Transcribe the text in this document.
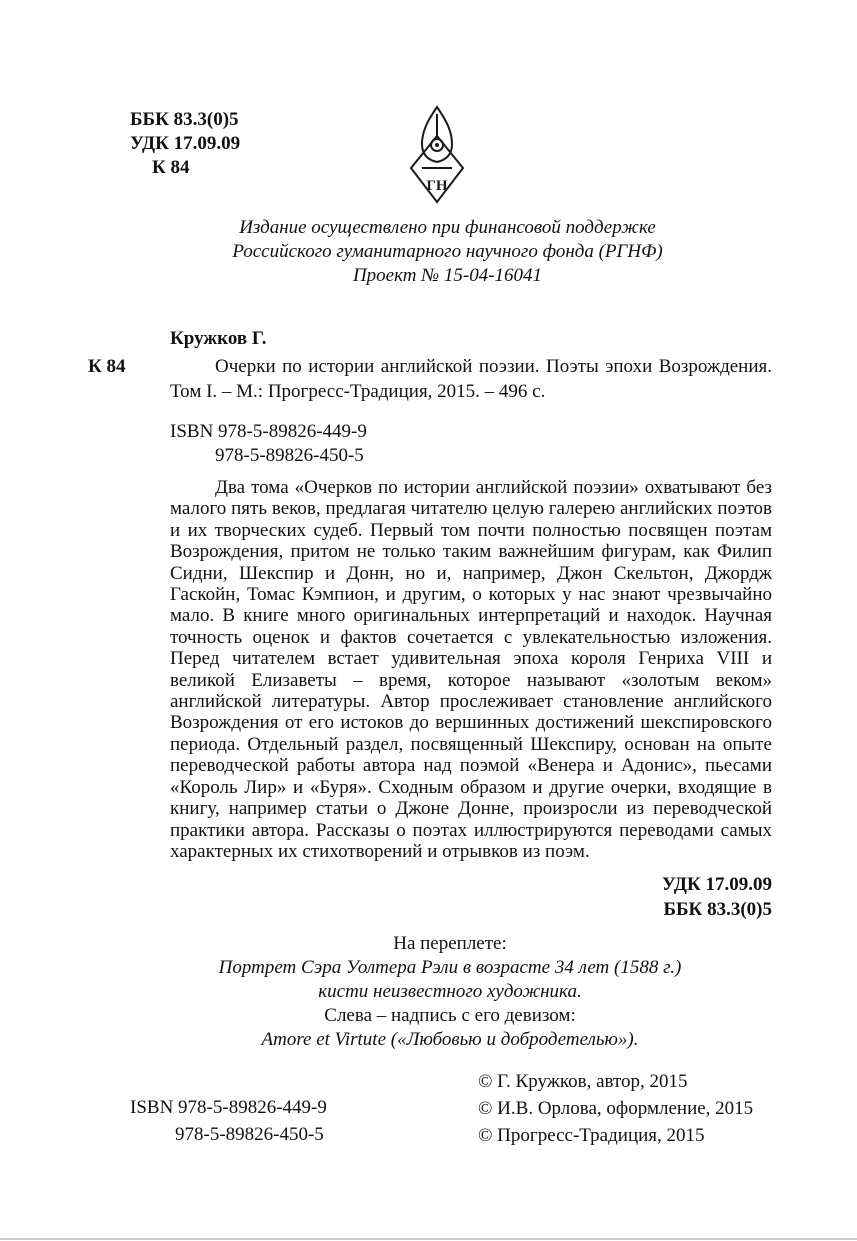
ББК 83.3(0)5
УДК 17.09.09
К 84
ГН
Издание осуществлено при финансовой поддержке
Российского гуманитарного научного фонда (РГНФ)
Проект № 15-04-16041
Кружков Г.
К 84	Очерки по истории английской поэзии. Поэты эпохи Возрождения. Том I. – М.: Прогресс-Традиция, 2015. – 496 с.

ISBN 978-5-89826-449-9
978-5-89826-450-5

Два тома «Очерков по истории английской поэзии» охватывают без малого пять веков, предлагая читателю целую галерею английских поэтов и их творческих судеб. Первый том почти полностью посвящен поэтам Возрождения, притом не только таким важнейшим фигурам, как Филип Сидни, Шекспир и Донн, но и, например, Джон Скельтон, Джордж Гаскойн, Томас Кэмпион, и другим, о которых у нас знают чрезвычайно мало. В книге много оригинальных интерпретаций и находок. Научная точность оценок и фактов сочетается с увлекательностью изложения. Перед читателем встает удивительная эпоха короля Генриха VIII и великой Елизаветы – время, которое называют «золотым веком» английской литературы. Автор прослеживает становление английского Возрождения от его истоков до вершинных достижений шекспировского периода. Отдельный раздел, посвященный Шекспиру, основан на опыте переводческой работы автора над поэмой «Венера и Адонис», пьесами «Король Лир» и «Буря». Сходным образом и другие очерки, входящие в книгу, например статьи о Джоне Донне, произросли из переводческой практики автора. Рассказы о поэтах иллюстрируются переводами самых характерных их стихотворений и отрывков из поэм.

УДК 17.09.09
ББК 83.3(0)5
На переплете:
Портрет Сэра Уолтера Рэли в возрасте 34 лет (1588 г.)
кисти неизвестного художника.
Слева – надпись с его девизом:
Amore et Virtute («Любовью и добродетелью»).
ISBN 978-5-89826-449-9
978-5-89826-450-5
© Г. Кружков, автор, 2015
© И.В. Орлова, оформление, 2015
© Прогресс-Традиция, 2015
